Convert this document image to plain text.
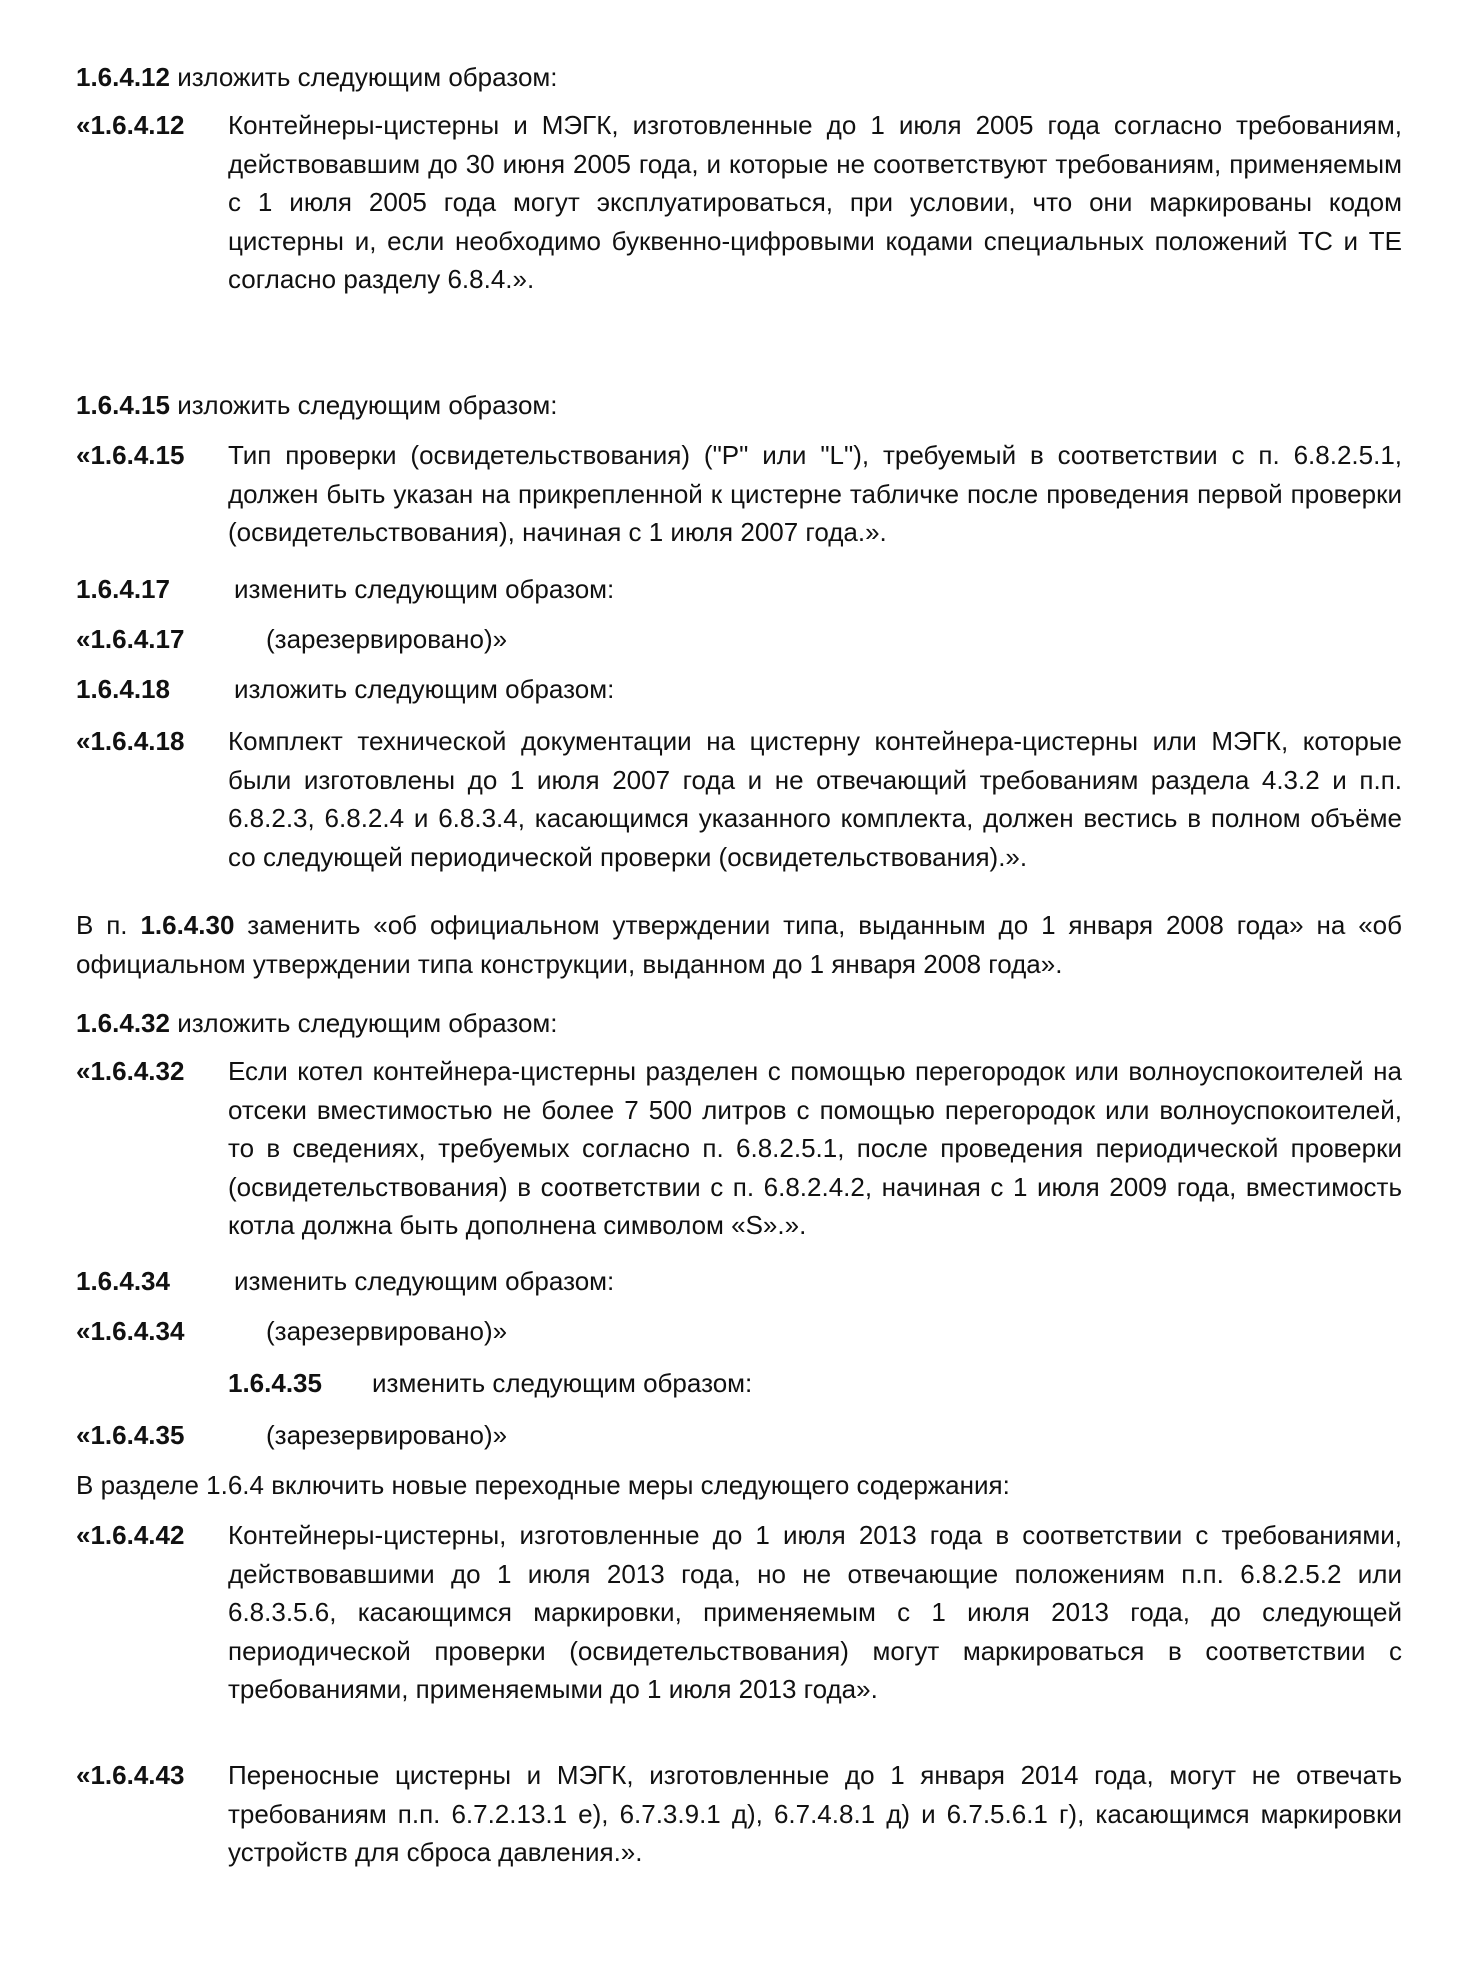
1.6.4.12 изложить следующим образом:

«1.6.4.12 Контейнеры-цистерны и МЭГК, изготовленные до 1 июля 2005 года согласно требованиям, действовавшим до 30 июня 2005 года, и которые не соответствуют требованиям, применяемым с 1 июля 2005 года могут эксплуатироваться, при условии, что они маркированы кодом цистерны и, если необходимо буквенно-цифровыми кодами специальных положений ТС и ТЕ согласно разделу 6.8.4.».

1.6.4.15 изложить следующим образом:

«1.6.4.15 Тип проверки (освидетельствования) ("P" или "L"), требуемый в соответствии с п. 6.8.2.5.1, должен быть указан на прикрепленной к цистерне табличке после проведения первой проверки (освидетельствования), начиная с 1 июля 2007 года.».

1.6.4.17 изменить следующим образом:

«1.6.4.17	(зарезервировано)»

1.6.4.18 изложить следующим образом:

«1.6.4.18 Комплект технической документации на цистерну контейнера-цистерны или МЭГК, которые были изготовлены до 1 июля 2007 года и не отвечающий требованиям раздела 4.3.2 и п.п. 6.8.2.3, 6.8.2.4 и 6.8.3.4, касающимся указанного комплекта, должен вестись в полном объёме со следующей периодической проверки (освидетельствования).».

В п. 1.6.4.30 заменить «об официальном утверждении типа, выданным до 1 января 2008 года» на «об официальном утверждении типа конструкции, выданном до 1 января 2008 года».

1.6.4.32 изложить следующим образом:

«1.6.4.32 Если котел контейнера-цистерны разделен с помощью перегородок или волноуспокоителей на отсеки вместимостью не более 7 500 литров с помощью перегородок или волноуспокоителей, то в сведениях, требуемых согласно п. 6.8.2.5.1, после проведения периодической проверки (освидетельствования) в соответствии с п. 6.8.2.4.2, начиная с 1 июля 2009 года, вместимость котла должна быть дополнена символом «S».».

1.6.4.34 изменить следующим образом:

«1.6.4.34	(зарезервировано)»

1.6.4.35 изменить следующим образом:

«1.6.4.35	(зарезервировано)»

В разделе 1.6.4 включить новые переходные меры следующего содержания:

«1.6.4.42 Контейнеры-цистерны, изготовленные до 1 июля 2013 года в соответствии с требованиями, действовавшими до 1 июля 2013 года, но не отвечающие положениям п.п. 6.8.2.5.2 или 6.8.3.5.6, касающимся маркировки, применяемым с 1 июля 2013 года, до следующей периодической проверки (освидетельствования) могут маркироваться в соответствии с требованиями, применяемыми до 1 июля 2013 года».
«1.6.4.43 Переносные цистерны и МЭГК, изготовленные до 1 января 2014 года, могут не отвечать требованиям п.п. 6.7.2.13.1 е), 6.7.3.9.1 д), 6.7.4.8.1 д) и 6.7.5.6.1 г), касающимся маркировки устройств для сброса давления.».
